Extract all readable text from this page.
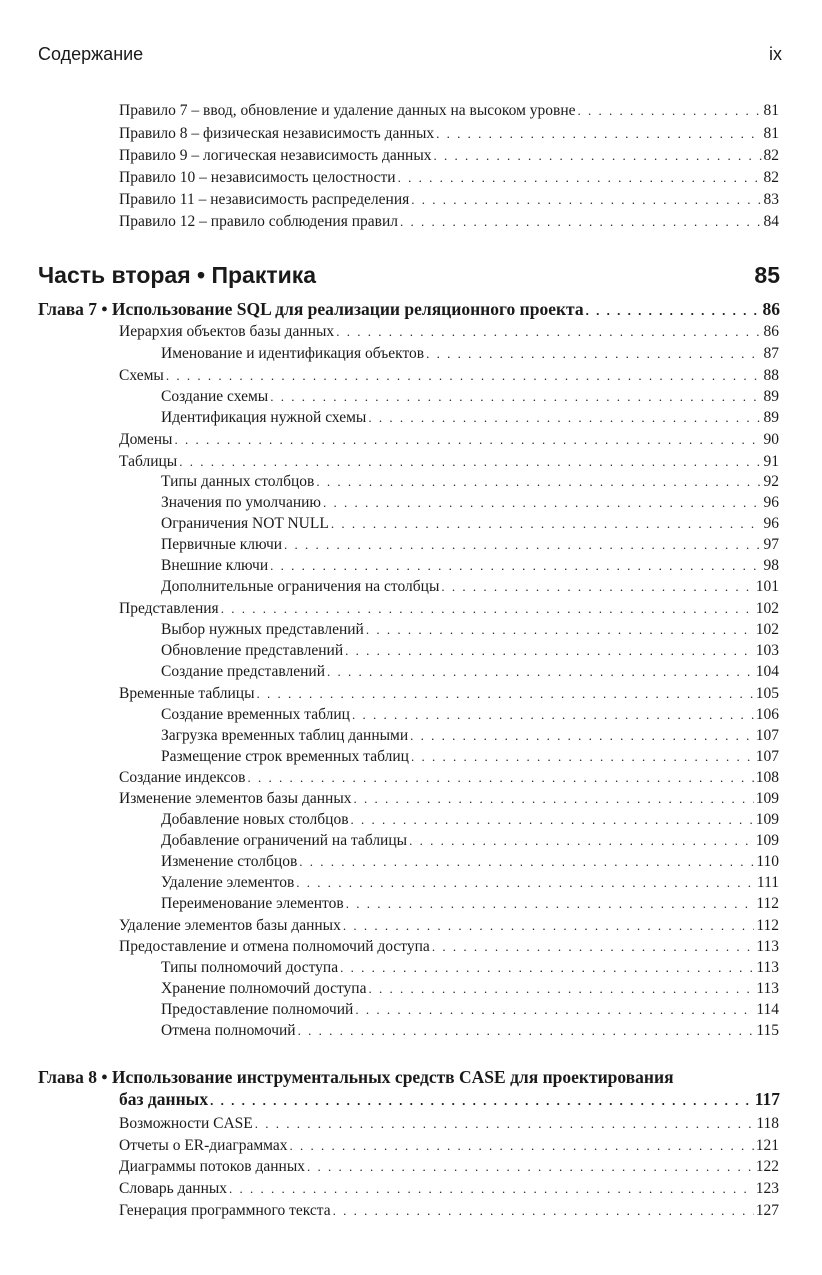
Содержание	ix
Правило 7 – ввод, обновление и удаление данных на высоком уровне . . .	81
Правило 8 – физическая независимость данных . . .	81
Правило 9 – логическая независимость данных . . .	82
Правило 10 – независимость целостности . . .	82
Правило 11 – независимость распределения . . .	83
Правило 12 – правило соблюдения правил . . .	84
Часть вторая • Практика	85
Глава 7 • Использование SQL для реализации реляционного проекта . . .	86
Иерархия объектов базы данных . . .	86
Именование и идентификация объектов . . .	87
Схемы . . .	88
Создание схемы . . .	89
Идентификация нужной схемы . . .	89
Домены . . .	90
Таблицы . . .	91
Типы данных столбцов . . .	92
Значения по умолчанию . . .	96
Ограничения NOT NULL . . .	96
Первичные ключи . . .	97
Внешние ключи . . .	98
Дополнительные ограничения на столбцы . . .	101
Представления . . .	102
Выбор нужных представлений . . .	102
Обновление представлений . . .	103
Создание представлений . . .	104
Временные таблицы . . .	105
Создание временных таблиц . . .	106
Загрузка временных таблиц данными . . .	107
Размещение строк временных таблиц . . .	107
Создание индексов . . .	108
Изменение элементов базы данных . . .	109
Добавление новых столбцов . . .	109
Добавление ограничений на таблицы . . .	109
Изменение столбцов . . .	110
Удаление элементов . . .	111
Переименование элементов . . .	112
Удаление элементов базы данных . . .	112
Предоставление и отмена полномочий доступа . . .	113
Типы полномочий доступа . . .	113
Хранение полномочий доступа . . .	113
Предоставление полномочий . . .	114
Отмена полномочий . . .	115
Глава 8 • Использование инструментальных средств CASE для проектирования
баз данных . . .	117
Возможности CASE . . .	118
Отчеты о ER-диаграммах . . .	121
Диаграммы потоков данных . . .	122
Словарь данных . . .	123
Генерация программного текста . . .	127
